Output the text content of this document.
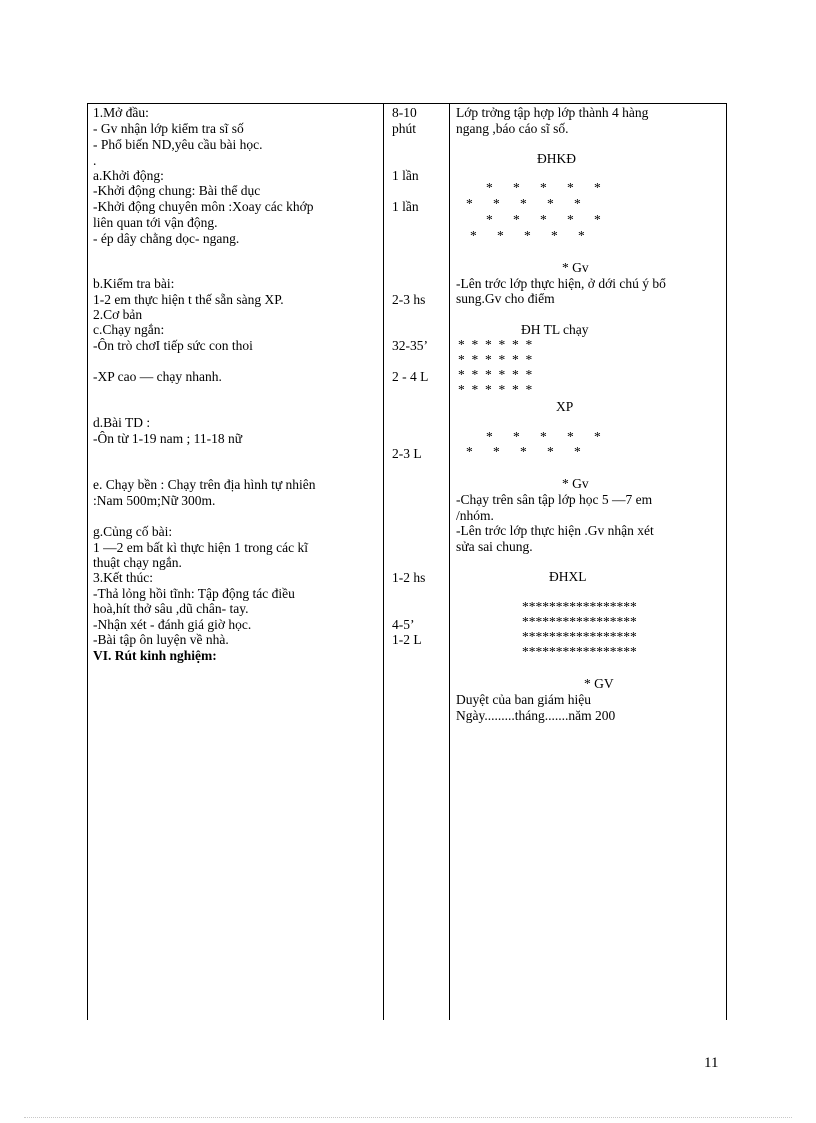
1.Mở đầu:
- Gv nhận lớp kiểm tra sĩ số
- Phổ biến ND,yêu cầu bài học.
.
a.Khởi động:
-Khởi động chung: Bài thể dục
-Khởi động chuyên môn :Xoay các khớp
liên quan tới vận động.
- ép dây chằng dọc- ngang.
b.Kiểm tra bài:
1-2 em thực hiện t thế sẵn sàng XP.
2.Cơ bản
c.Chạy ngắn:
-Ôn trò chơI tiếp sức con thoi
-XP cao — chạy nhanh.
d.Bài TD :
-Ôn từ 1-19 nam ; 11-18 nữ
e. Chạy bền : Chạy trên địa hình tự nhiên
:Nam 500m;Nữ 300m.
g.Củng cố bài:
1 —2 em bất kì thực hiện 1 trong các kĩ
thuật chạy ngắn.
3.Kết thúc:
-Thả lỏng hồi tĩnh: Tập động tác điều
hoà,hít thở sâu ,dũ chân- tay.
-Nhận xét - đánh giá giờ học.
-Bài tập ôn luyện về nhà.
VI. Rút kinh nghiệm:
8-10
phút
1 lần
1 lần
2-3 hs
32-35’
2 - 4 L
2-3 L
1-2 hs
4-5’
1-2 L
Lớp trởng tập hợp lớp thành 4 hàng
ngang ,báo cáo sĩ số.
ĐHKĐ
*      *      *      *      *
*      *      *      *      *
*      *      *      *      *
*      *      *      *      *
* Gv
-Lên trớc lớp thực hiện, ở dới chú ý bổ
sung.Gv cho điểm
ĐH TL chạy
*  *  *  *  *  *
*  *  *  *  *  *
*  *  *  *  *  *
*  *  *  *  *  *
XP
*      *      *      *      *
*      *      *      *      *
* Gv
-Chạy trên sân tập lớp học 5 —7 em
/nhóm.
-Lên trớc lớp thực hiện .Gv nhận xét
sửa sai chung.
ĐHXL
*****************
*****************
*****************
*****************
* GV
Duyệt của ban giám hiệu
Ngày.........tháng.......năm 200
11
